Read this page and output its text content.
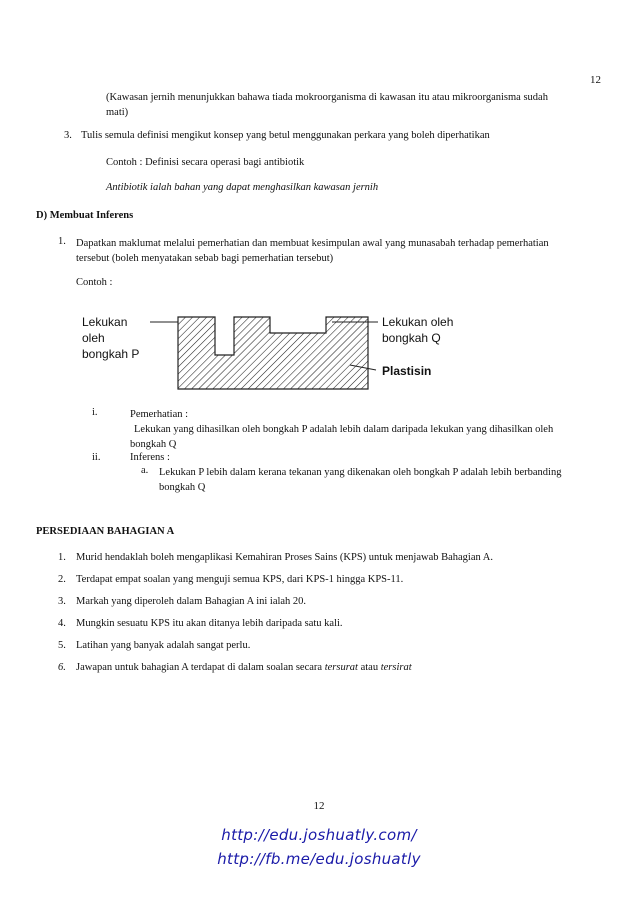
12
(Kawasan jernih menunjukkan bahawa tiada mokroorganisma di kawasan itu atau mikroorganisma sudah
mati)
3. Tulis semula definisi mengikut konsep yang betul menggunakan perkara yang boleh diperhatikan
Contoh : Definisi secara operasi bagi antibiotik
Antibiotik ialah bahan yang dapat menghasilkan kawasan jernih
D) Membuat Inferens
1. Dapatkan maklumat melalui pemerhatian dan membuat kesimpulan awal yang munasabah terhadap pemerhatian
tersebut (boleh menyatakan sebab bagi pemerhatian tersebut)
Contoh :
Lekukan
oleh
bongkah P
Lekukan oleh
bongkah Q
Plastisin
i.	Pemerhatian :
Lekukan yang dihasilkan oleh bongkah P adalah lebih dalam daripada lekukan yang dihasilkan oleh
bongkah Q
ii.	Inferens :
a. Lekukan P lebih dalam kerana tekanan yang dikenakan oleh bongkah P adalah lebih berbanding
bongkah Q
PERSEDIAAN BAHAGIAN A
1. Murid hendaklah boleh mengaplikasi Kemahiran Proses Sains (KPS) untuk menjawab Bahagian A.
2. Terdapat empat soalan yang menguji semua KPS, dari KPS-1 hingga KPS-11.
3. Markah yang diperoleh dalam Bahagian A ini ialah 20.
4. Mungkin sesuatu KPS itu akan ditanya lebih daripada satu kali.
5. Latihan yang banyak adalah sangat perlu.
6. Jawapan untuk bahagian A terdapat di dalam soalan secara tersurat atau tersirat
12
http://edu.joshuatly.com/
http://fb.me/edu.joshuatly
